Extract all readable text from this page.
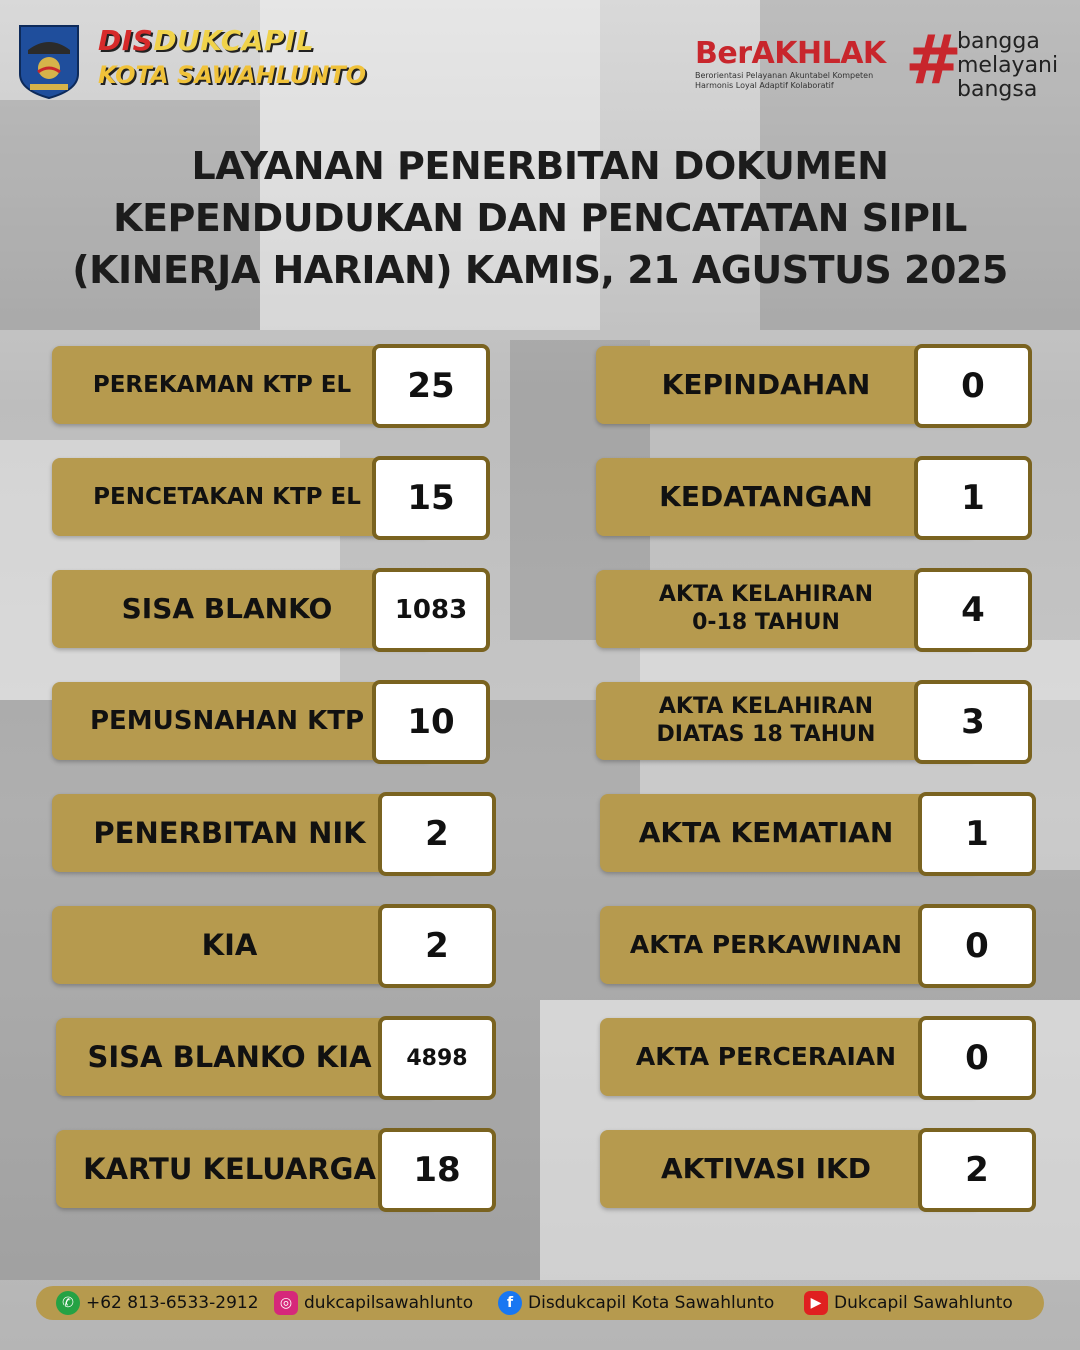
DISDUKCAPIL
KOTA SAWAHLUNTO
BerAKHLAK
Berorientasi Pelayanan Akuntabel Kompeten
Harmonis Loyal Adaptif Kolaboratif	#
bangga
melayani
bangsa
LAYANAN PENERBITAN DOKUMEN
KEPENDUDUKAN DAN PENCATATAN SIPIL
(KINERJA HARIAN) KAMIS, 21 AGUSTUS 2025
PEREKAMAN KTP EL	25
PENCETAKAN KTP EL	15
SISA BLANKO	1083
PEMUSNAHAN KTP	10
PENERBITAN NIK	2
KIA	2
SISA BLANKO KIA	4898
KARTU KELUARGA	18
KEPINDAHAN	0
KEDATANGAN	1
AKTA KELAHIRAN
0-18 TAHUN	4
AKTA KELAHIRAN
DIATAS 18 TAHUN	3
AKTA KEMATIAN	1
AKTA PERKAWINAN	0
AKTA PERCERAIAN	0
AKTIVASI IKD	2
✆ +62 813-6533-2912	◎ dukcapilsawahlunto	f Disdukcapil Kota Sawahlunto	▶ Dukcapil Sawahlunto
